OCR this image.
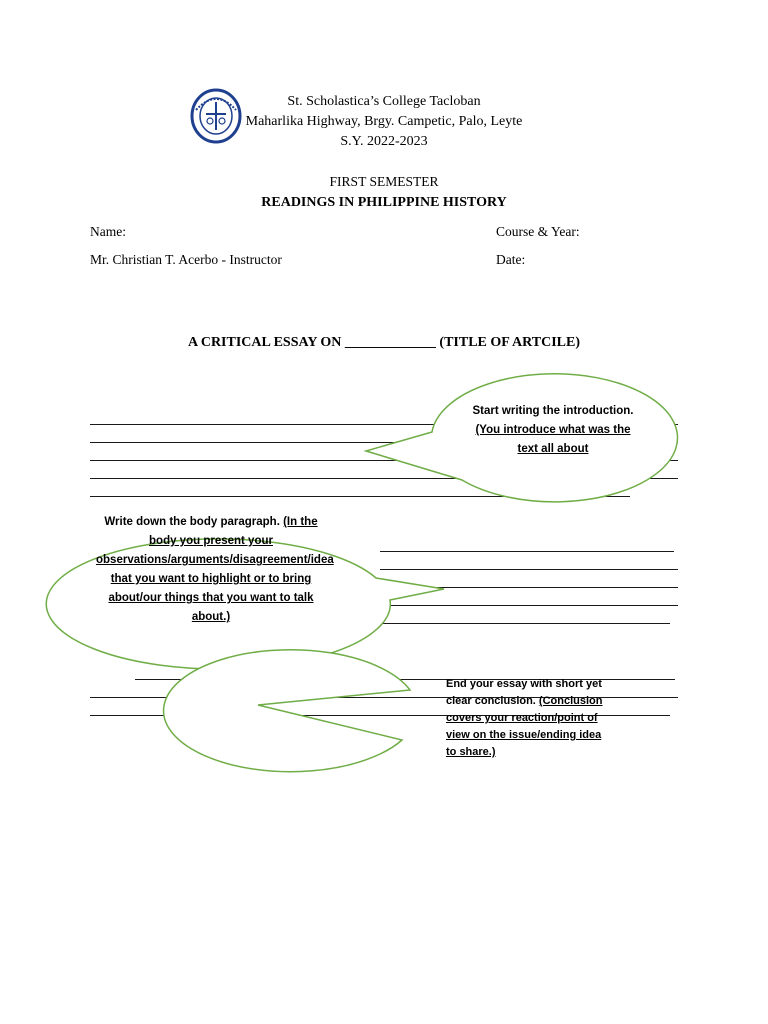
St. Scholastica’s College Tacloban
Maharlika Highway, Brgy. Campetic, Palo, Leyte
S.Y. 2022-2023
FIRST SEMESTER
READINGS IN PHILIPPINE HISTORY
Name:	Course & Year:
Mr. Christian T. Acerbo - Instructor	Date:
A CRITICAL ESSAY ON _____________ (TITLE OF ARTCILE)
Start writing the introduction. (You introduce what was the text all about
Write down the body paragraph. (In the body you present your observations/arguments/disagreement/idea that you want to highlight or to bring about/our things that you want to talk about.)
End your essay with short yet clear conclusion. (Conclusion covers your reaction/point of view on the issue/ending idea to share.)
